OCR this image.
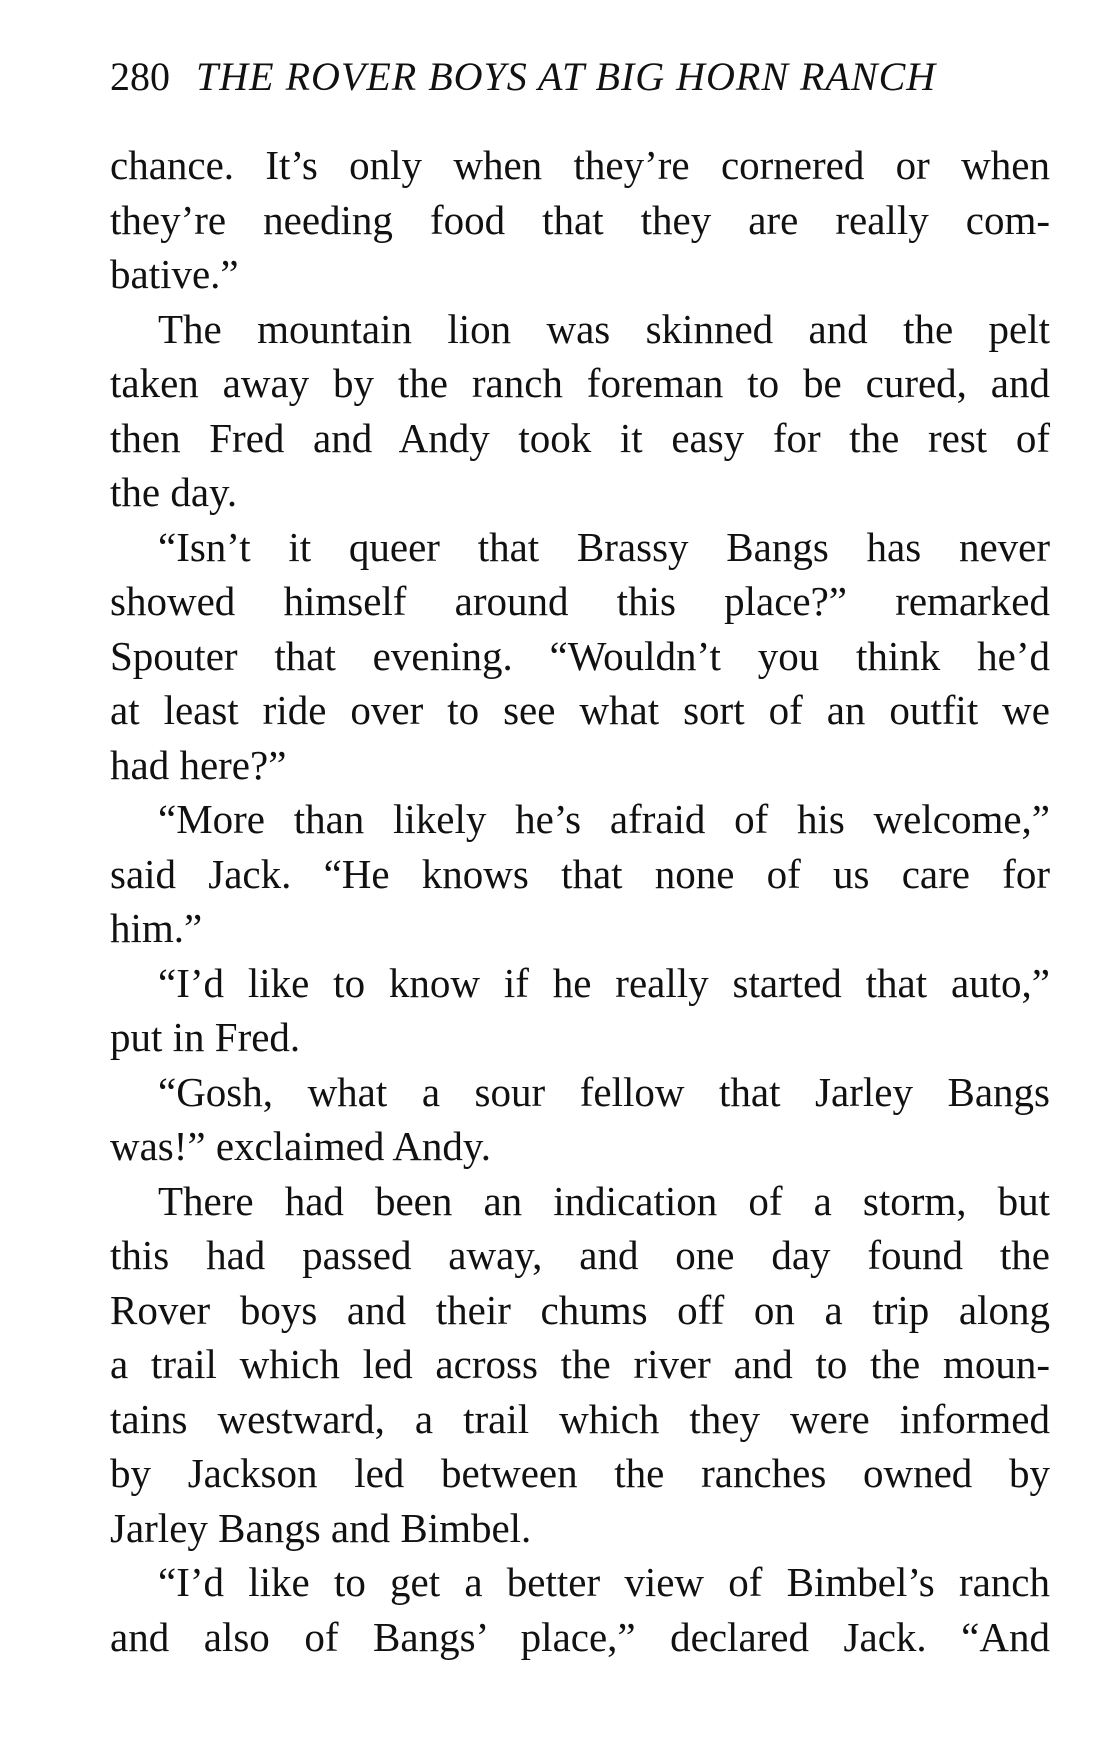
280 THE ROVER BOYS AT BIG HORN RANCH
chance. It’s only when they’re cornered or when
they’re needing food that they are really com-
bative.”
The mountain lion was skinned and the pelt
taken away by the ranch foreman to be cured, and
then Fred and Andy took it easy for the rest of
the day.
“Isn’t it queer that Brassy Bangs has never
showed himself around this place?” remarked
Spouter that evening. “Wouldn’t you think he’d
at least ride over to see what sort of an outfit we
had here?”
“More than likely he’s afraid of his welcome,”
said Jack. “He knows that none of us care for
him.”
“I’d like to know if he really started that auto,”
put in Fred.
“Gosh, what a sour fellow that Jarley Bangs
was!” exclaimed Andy.
There had been an indication of a storm, but
this had passed away, and one day found the
Rover boys and their chums off on a trip along
a trail which led across the river and to the moun-
tains westward, a trail which they were informed
by Jackson led between the ranches owned by
Jarley Bangs and Bimbel.
“I’d like to get a better view of Bimbel’s ranch
and also of Bangs’ place,” declared Jack. “And
